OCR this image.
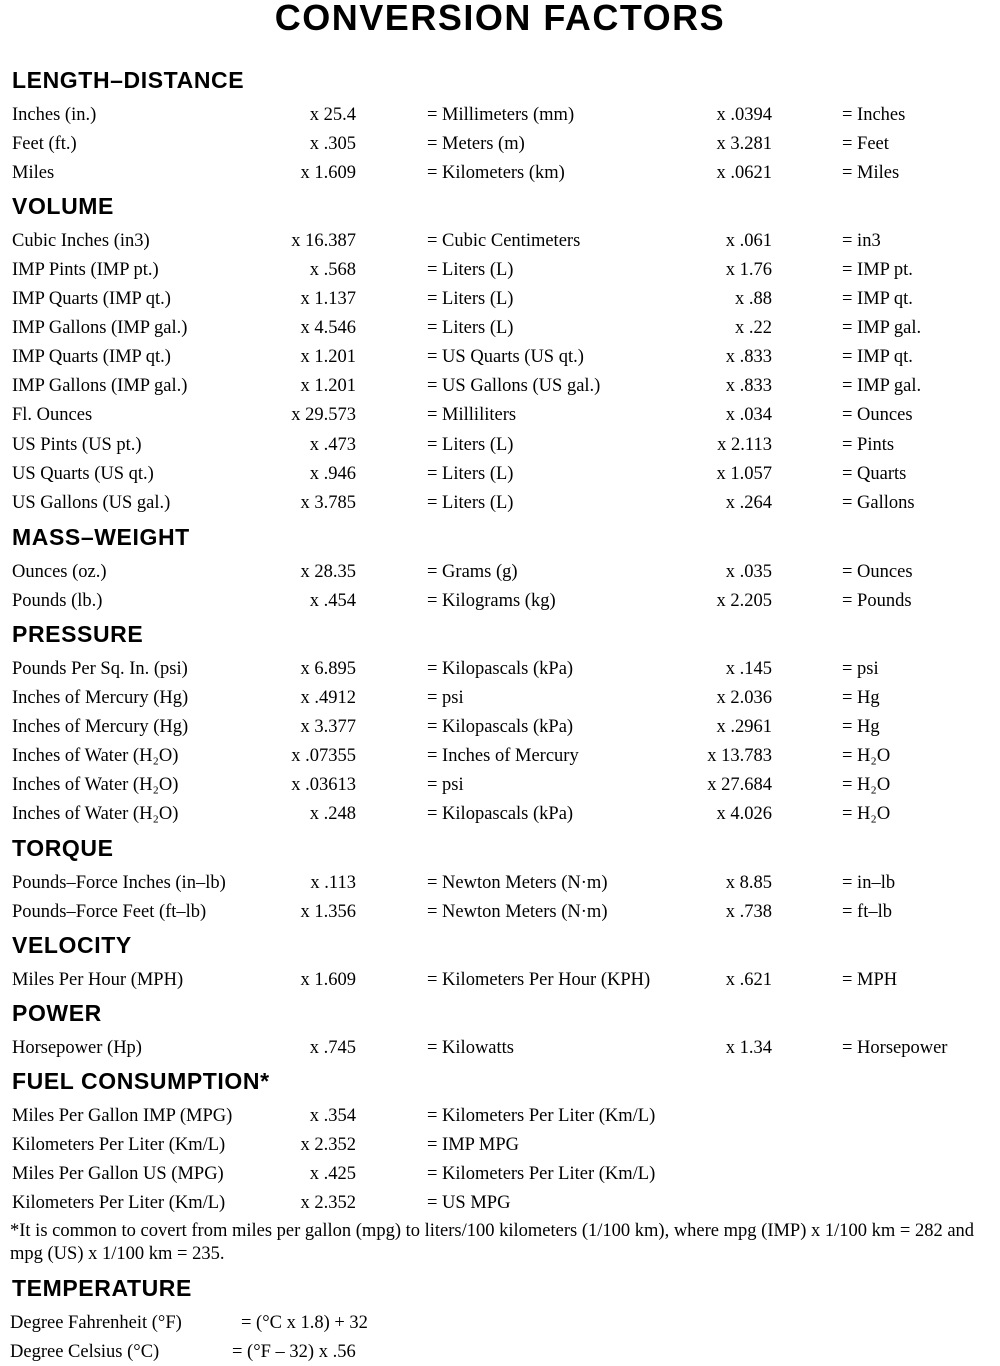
CONVERSION FACTORS
LENGTH–DISTANCE
Inches (in.)	x 25.4	= Millimeters (mm)	x .0394	= Inches
Feet (ft.)	x .305	= Meters (m)	x 3.281	= Feet
Miles	x 1.609	= Kilometers (km)	x .0621	= Miles
VOLUME
Cubic Inches (in3)	x 16.387	= Cubic Centimeters	x .061	= in3
IMP Pints (IMP pt.)	x .568	= Liters (L)	x 1.76	= IMP pt.
IMP Quarts (IMP qt.)	x 1.137	= Liters (L)	x .88	= IMP qt.
IMP Gallons (IMP gal.)	x 4.546	= Liters (L)	x .22	= IMP gal.
IMP Quarts (IMP qt.)	x 1.201	= US Quarts (US qt.)	x .833	= IMP qt.
IMP Gallons (IMP gal.)	x 1.201	= US Gallons (US gal.)	x .833	= IMP gal.
Fl. Ounces	x 29.573	= Milliliters	x .034	= Ounces
US Pints (US pt.)	x .473	= Liters (L)	x 2.113	= Pints
US Quarts (US qt.)	x .946	= Liters (L)	x 1.057	= Quarts
US Gallons (US gal.)	x 3.785	= Liters (L)	x .264	= Gallons
MASS–WEIGHT
Ounces (oz.)	x 28.35	= Grams (g)	x .035	= Ounces
Pounds (lb.)	x .454	= Kilograms (kg)	x 2.205	= Pounds
PRESSURE
Pounds Per Sq. In. (psi)	x 6.895	= Kilopascals (kPa)	x .145	= psi
Inches of Mercury (Hg)	x .4912	= psi	x 2.036	= Hg
Inches of Mercury (Hg)	x 3.377	= Kilopascals (kPa)	x .2961	= Hg
Inches of Water (H₂O)	x .07355	= Inches of Mercury	x 13.783	= H₂O
Inches of Water (H₂O)	x .03613	= psi	x 27.684	= H₂O
Inches of Water (H₂O)	x .248	= Kilopascals (kPa)	x 4.026	= H₂O
TORQUE
Pounds–Force Inches (in–lb)	x .113	= Newton Meters (N·m)	x 8.85	= in–lb
Pounds–Force Feet (ft–lb)	x 1.356	= Newton Meters (N·m)	x .738	= ft–lb
VELOCITY
Miles Per Hour (MPH)	x 1.609	= Kilometers Per Hour (KPH)	x .621	= MPH
POWER
Horsepower (Hp)	x .745	= Kilowatts	x 1.34	= Horsepower
FUEL CONSUMPTION*
Miles Per Gallon IMP (MPG)	x .354	= Kilometers Per Liter (Km/L)
Kilometers Per Liter (Km/L)	x 2.352	= IMP MPG
Miles Per Gallon US (MPG)	x .425	= Kilometers Per Liter (Km/L)
Kilometers Per Liter (Km/L)	x 2.352	= US MPG
*It is common to covert from miles per gallon (mpg) to liters/100 kilometers (1/100 km), where mpg (IMP) x 1/100 km = 282 and mpg (US) x 1/100 km = 235.
TEMPERATURE
Degree Fahrenheit (°F)	= (°C x 1.8) + 32
Degree Celsius (°C)	= (°F – 32) x .56
